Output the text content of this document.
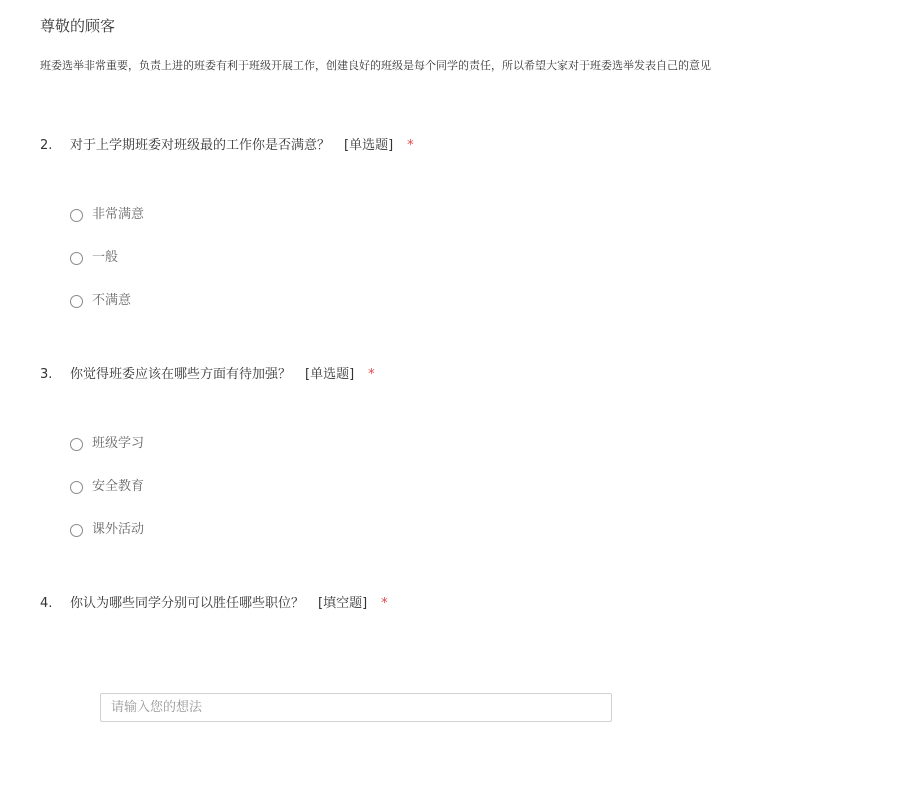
尊敬的顾客
班委选举非常重要，负责上进的班委有利于班级开展工作，创建良好的班级是每个同学的责任，所以希望大家对于班委选举发表自己的意见
2. 对于上学期班委对班级最的工作你是否满意？ [单选题] *
非常满意
一般
不满意
3. 你觉得班委应该在哪些方面有待加强？ [单选题] *
班级学习
安全教育
课外活动
4. 你认为哪些同学分别可以胜任哪些职位？ [填空题] *
请输入您的想法
